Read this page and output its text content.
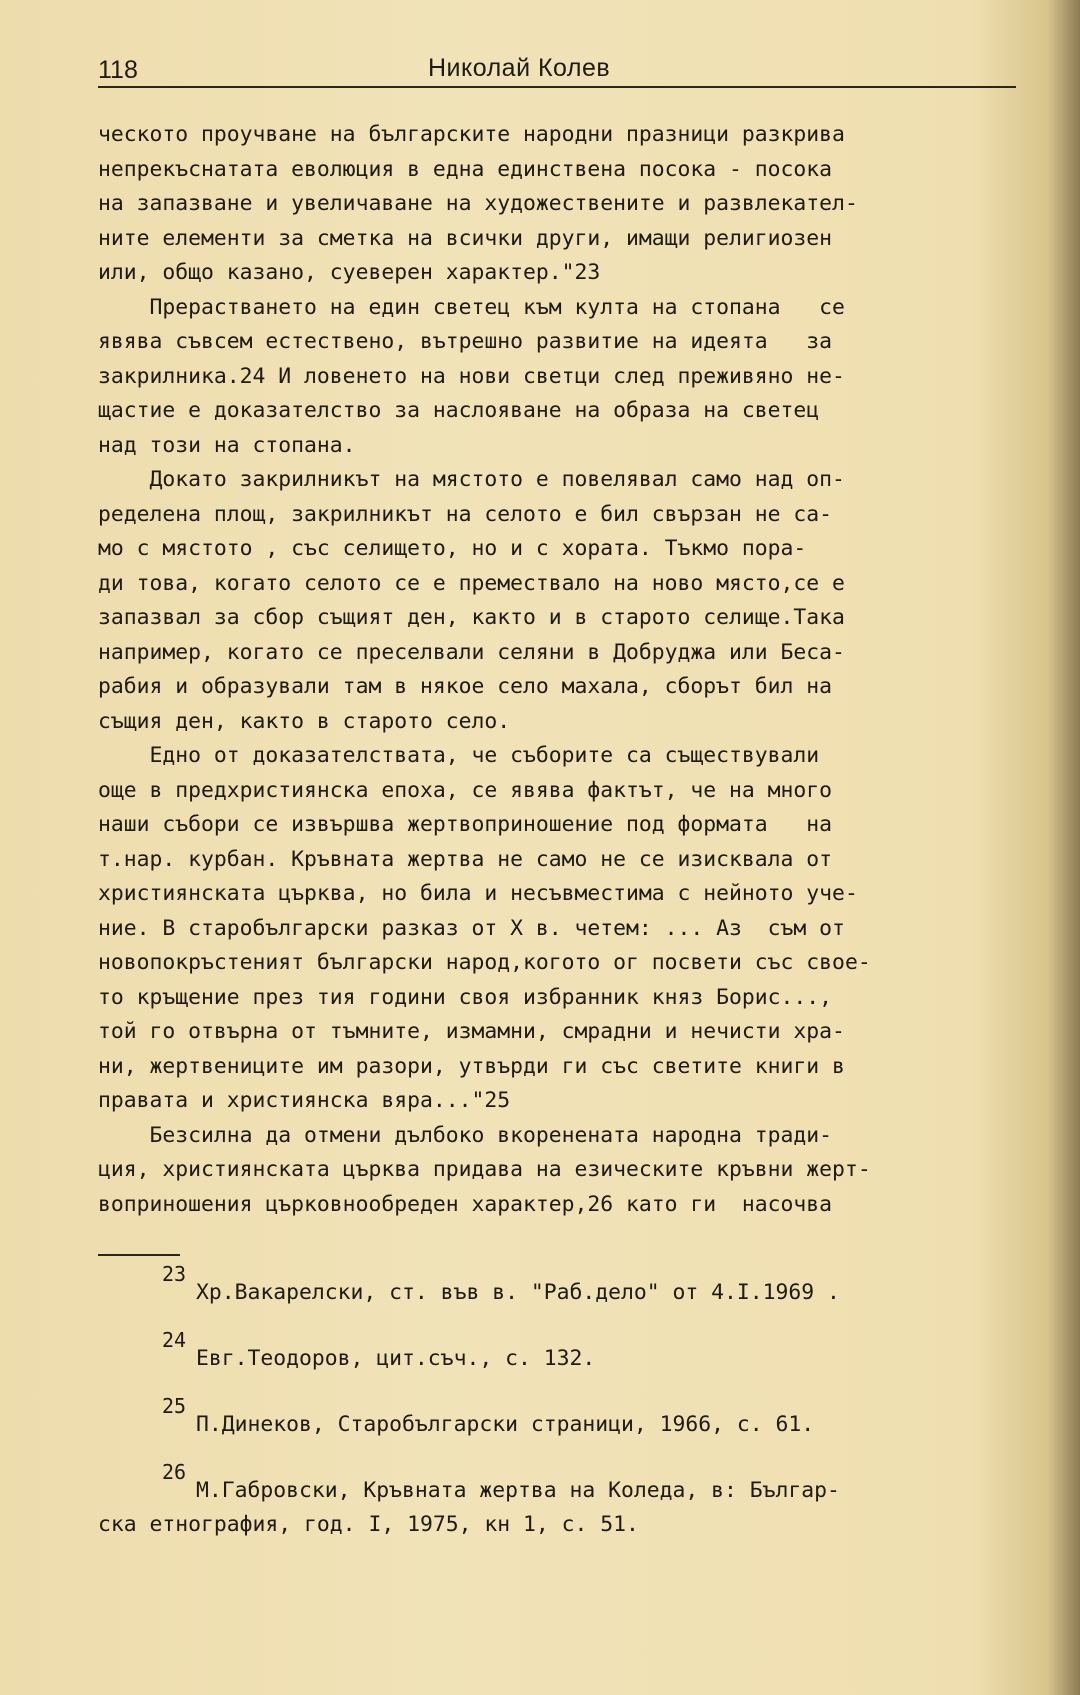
118	Николай Колев
ческото проучване на българските народни празници разкрива
непрекъснатата еволюция в една единствена посока - посока
на запазване и увеличаване на художествените и развлекател-
ните елементи за сметка на всички други, имащи религиозен
или, общо казано, суеверен характер."23
Прерастването на един светец към култа на стопана   се
явява съвсем естествено, вътрешно развитие на идеята   за
закрилника.24 И ловенето на нови светци след преживяно не-
щастие е доказателство за наслояване на образа на светец
над този на стопана.
Докато закрилникът на мястото е повелявал само над оп-
ределена площ, закрилникът на селото е бил свързан не са-
мо с мястото , със селището, но и с хората. Тъкмо пора-
ди това, когато селото се е премествало на ново място,се е
запазвал за сбор същият ден, както и в старото селище.Така
например, когато се преселвали селяни в Добруджа или Беса-
рабия и образували там в някое село махала, сборът бил на
същия ден, както в старото село.
Едно от доказателствата, че съборите са съществували
още в предхристиянска епоха, се явява фактът, че на много
наши събори се извършва жертвоприношение под формата   на
т.нар. курбан. Кръвната жертва не само не се изисквала от
християнската църква, но била и несъвместима с нейното уче-
ние. В старобългарски разказ от Х в. четем: ... Аз  съм от
новопокръстеният български народ,когото ог посвети със свое-
то кръщение през тия години своя избранник княз Борис...,
той го отвърна от тъмните, измамни, смрадни и нечисти хра-
ни, жертвениците им разори, утвърди ги със светите книги в
правата и християнска вяра..."25
Безсилна да отмени дълбоко вкоренената народна тради-
ция, християнската църква придава на езическите кръвни жерт-
воприношения църковнообреден характер,26 като ги  насочва

23

Хр.Вакарелски, ст. във в. "Раб.дело" от 4.I.1969 .

24

Евг.Теодоров, цит.съч., с. 132.

25

П.Динеков, Старобългарски страници, 1966, с. 61.

26

М.Габровски, Кръвната жертва на Коледа, в: Българ-

ска етнография, год. I, 1975, кн 1, с. 51.
